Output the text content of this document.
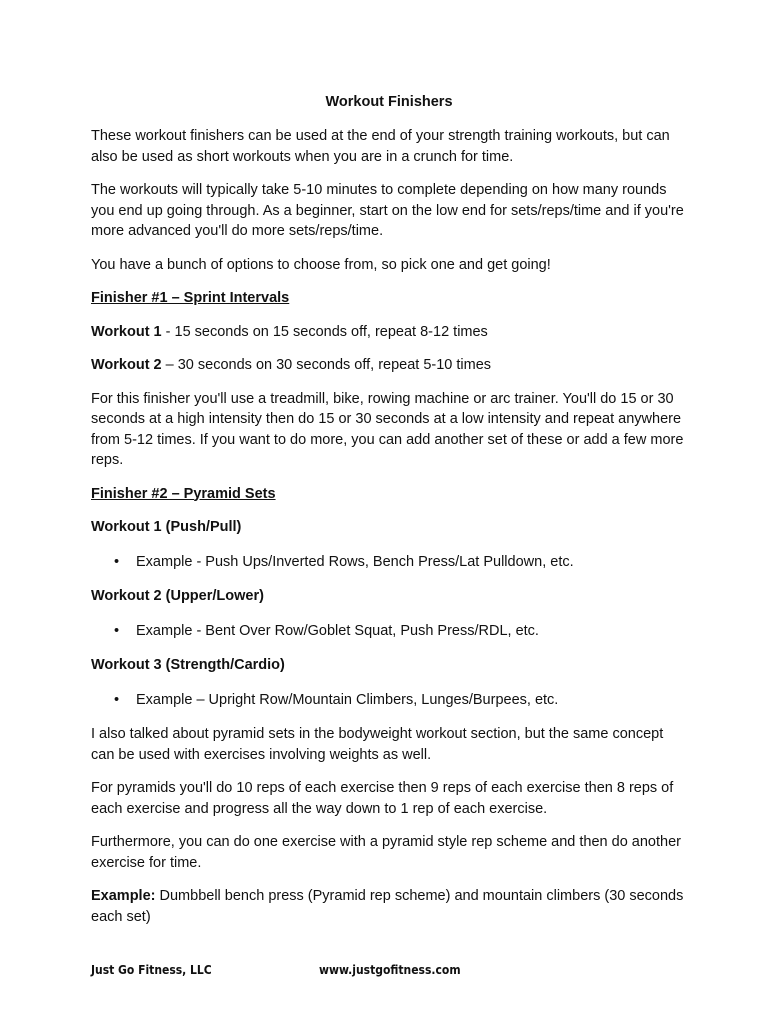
Workout Finishers

These workout finishers can be used at the end of your strength training workouts, but can also be used as short workouts when you are in a crunch for time.

The workouts will typically take 5-10 minutes to complete depending on how many rounds you end up going through. As a beginner, start on the low end for sets/reps/time and if you're more advanced you'll do more sets/reps/time.

You have a bunch of options to choose from, so pick one and get going!

Finisher #1 – Sprint Intervals

Workout 1 - 15 seconds on 15 seconds off, repeat 8-12 times

Workout 2 – 30 seconds on 30 seconds off, repeat 5-10 times

For this finisher you'll use a treadmill, bike, rowing machine or arc trainer. You'll do 15 or 30 seconds at a high intensity then do 15 or 30 seconds at a low intensity and repeat anywhere from 5-12 times. If you want to do more, you can add another set of these or add a few more reps.

Finisher #2 – Pyramid Sets

Workout 1 (Push/Pull)

• Example - Push Ups/Inverted Rows, Bench Press/Lat Pulldown, etc.

Workout 2 (Upper/Lower)

• Example - Bent Over Row/Goblet Squat, Push Press/RDL, etc.

Workout 3 (Strength/Cardio)

• Example – Upright Row/Mountain Climbers, Lunges/Burpees, etc.

I also talked about pyramid sets in the bodyweight workout section, but the same concept can be used with exercises involving weights as well.

For pyramids you'll do 10 reps of each exercise then 9 reps of each exercise then 8 reps of each exercise and progress all the way down to 1 rep of each exercise.

Furthermore, you can do one exercise with a pyramid style rep scheme and then do another exercise for time.

Example: Dumbbell bench press (Pyramid rep scheme) and mountain climbers (30 seconds each set)

Just Go Fitness, LLC	www.justgofitness.com
